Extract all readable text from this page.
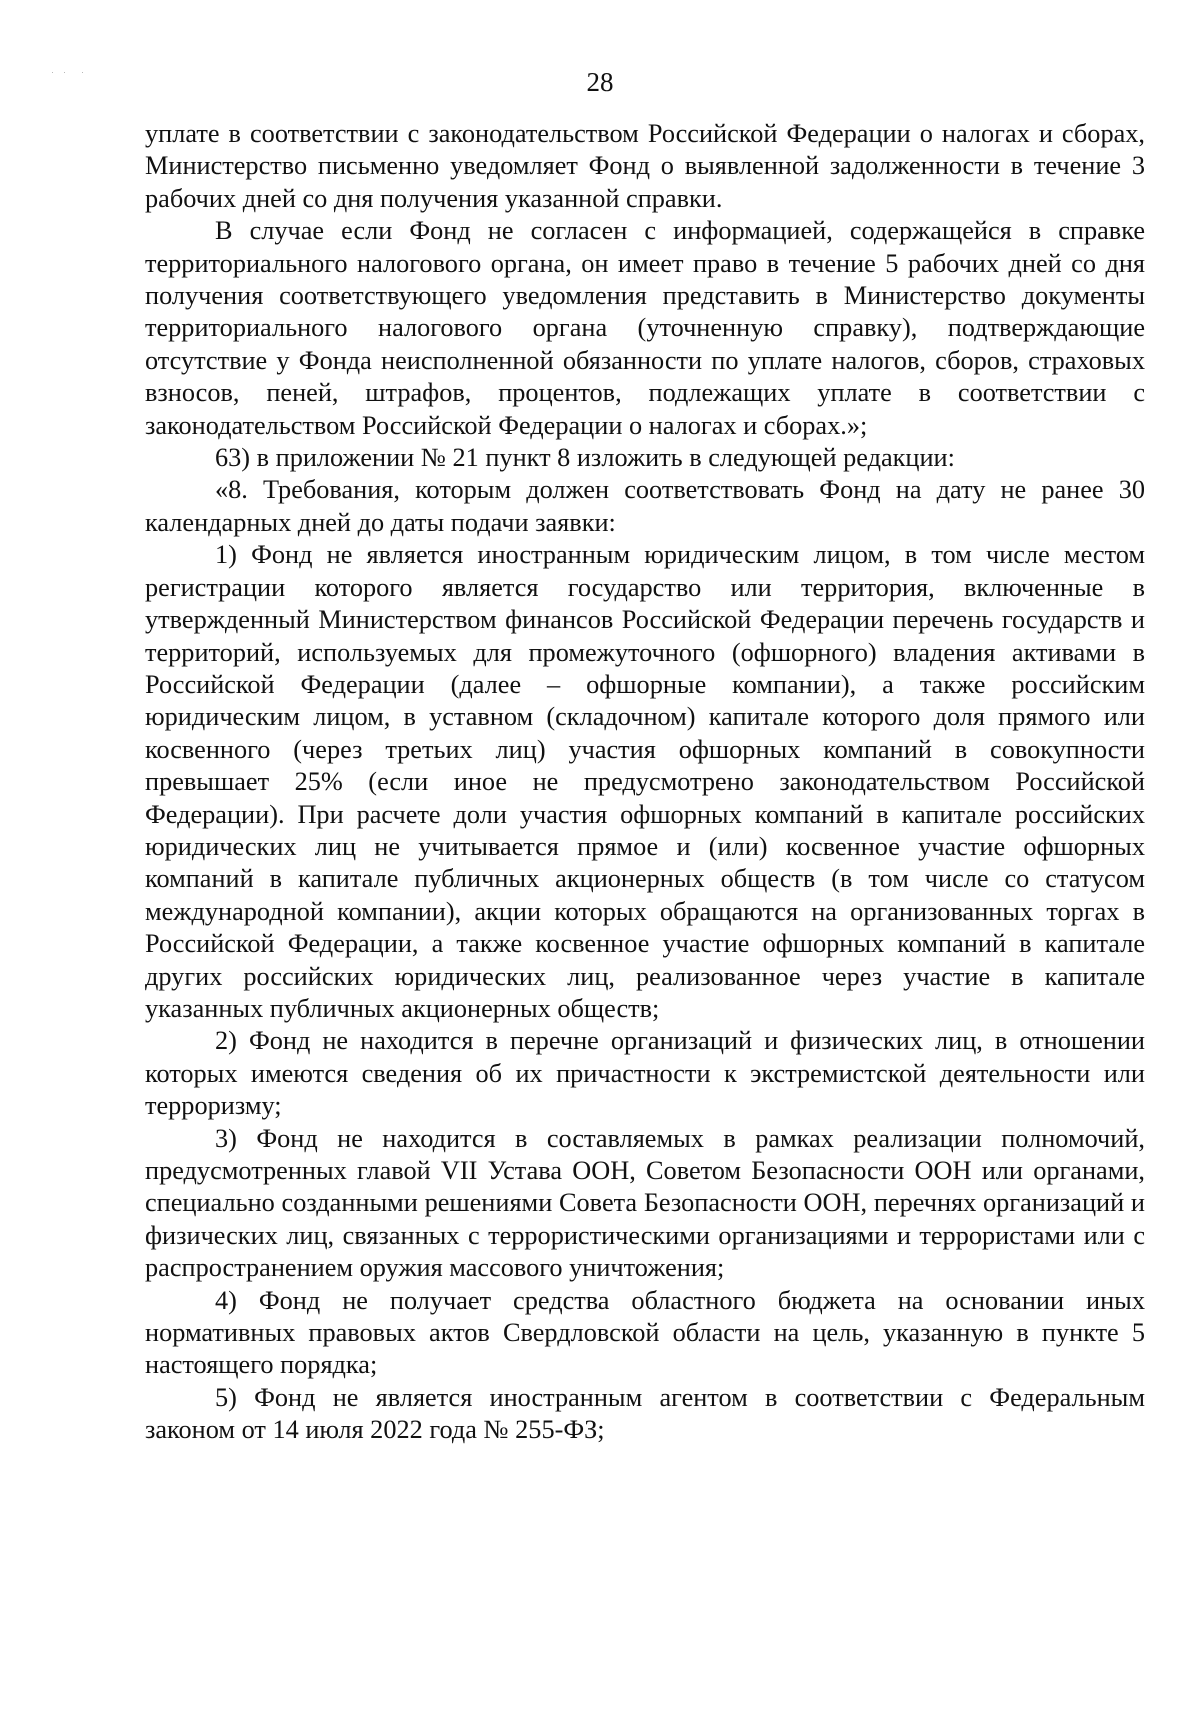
28

уплате в соответствии с законодательством Российской Федерации о налогах и сборах, Министерство письменно уведомляет Фонд о выявленной задолженности в течение 3 рабочих дней со дня получения указанной справки.

В случае если Фонд не согласен с информацией, содержащейся в справке территориального налогового органа, он имеет право в течение 5 рабочих дней со дня получения соответствующего уведомления представить в Министерство документы территориального налогового органа (уточненную справку), подтверждающие отсутствие у Фонда неисполненной обязанности по уплате налогов, сборов, страховых взносов, пеней, штрафов, процентов, подлежащих уплате в соответствии с законодательством Российской Федерации о налогах и сборах.»;

63) в приложении № 21 пункт 8 изложить в следующей редакции:

«8. Требования, которым должен соответствовать Фонд на дату не ранее 30 календарных дней до даты подачи заявки:

1) Фонд не является иностранным юридическим лицом, в том числе местом регистрации которого является государство или территория, включенные в утвержденный Министерством финансов Российской Федерации перечень государств и территорий, используемых для промежуточного (офшорного) владения активами в Российской Федерации (далее – офшорные компании), а также российским юридическим лицом, в уставном (складочном) капитале которого доля прямого или косвенного (через третьих лиц) участия офшорных компаний в совокупности превышает 25% (если иное не предусмотрено законодательством Российской Федерации). При расчете доли участия офшорных компаний в капитале российских юридических лиц не учитывается прямое и (или) косвенное участие офшорных компаний в капитале публичных акционерных обществ (в том числе со статусом международной компании), акции которых обращаются на организованных торгах в Российской Федерации, а также косвенное участие офшорных компаний в капитале других российских юридических лиц, реализованное через участие в капитале указанных публичных акционерных обществ;

2) Фонд не находится в перечне организаций и физических лиц, в отношении которых имеются сведения об их причастности к экстремистской деятельности или терроризму;

3) Фонд не находится в составляемых в рамках реализации полномочий, предусмотренных главой VII Устава ООН, Советом Безопасности ООН или органами, специально созданными решениями Совета Безопасности ООН, перечнях организаций и физических лиц, связанных с террористическими организациями и террористами или с распространением оружия массового уничтожения;

4) Фонд не получает средства областного бюджета на основании иных нормативных правовых актов Свердловской области на цель, указанную в пункте 5 настоящего порядка;

5) Фонд не является иностранным агентом в соответствии с Федеральным законом от 14 июля 2022 года № 255-ФЗ;
